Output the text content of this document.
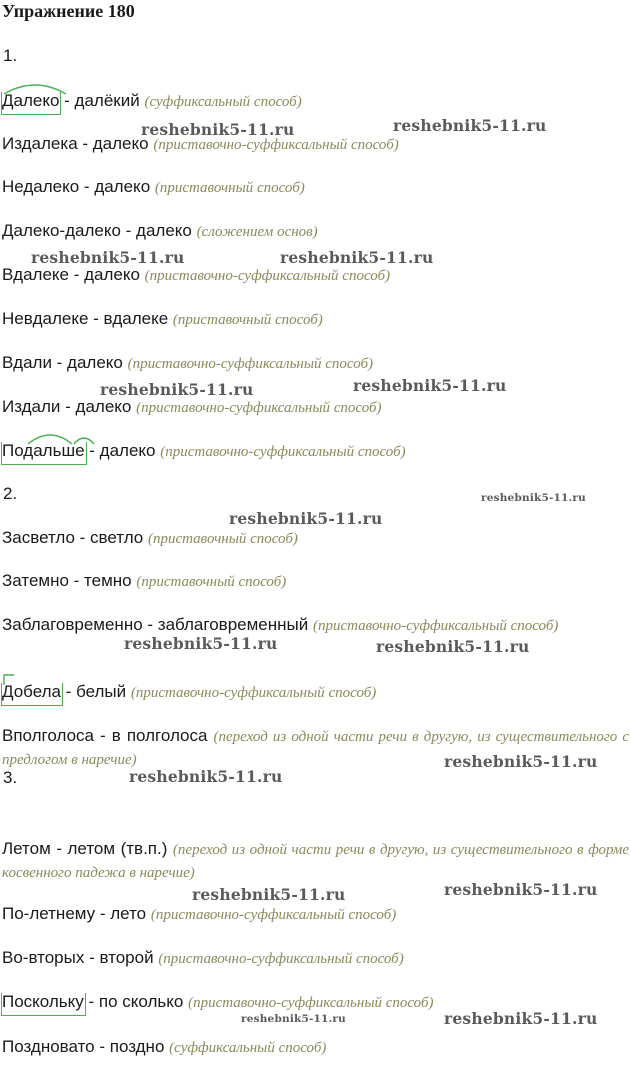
Упражнение 180
1.
Далеко
- далёкий (суффиксальный способ)
Издалека - далеко (приставочно-суффиксальный способ)
Недалеко - далеко (приставочный способ)
Далеко-далеко - далеко (сложением основ)
Вдалеке - далеко (приставочно-суффиксальный способ)
Невдалеке - вдалеке (приставочный способ)
Вдали - далеко (приставочно-суффиксальный способ)
Издали - далеко (приставочно-суффиксальный способ)
Подальше
- далеко (приставочно-суффиксальный способ)
2.
Засветло - светло (приставочный способ)
Затемно - темно (приставочный способ)
Заблаговременно - заблаговременный (приставочно-суффиксальный способ)
Добела
- белый (приставочно-суффиксальный способ)
Вполголоса - в полголоса (переход из одной части речи в другую, из существительного с предлогом в наречие)
3.
Летом - летом (тв.п.) (переход из одной части речи в другую, из существительного в форме косвенного падежа в наречие)
По-летнему - лето (приставочно-суффиксальный способ)
Во-вторых - второй (приставочно-суффиксальный способ)
Поскольку
- по сколько (приставочно-суффиксальный способ)
Поздновато - поздно (суффиксальный способ)
reshebnik5-11.ru	reshebnik5-11.ru
reshebnik5-11.ru	reshebnik5-11.ru
reshebnik5-11.ru	reshebnik5-11.ru
reshebnik5-11.ru
reshebnik5-11.ru
reshebnik5-11.ru	reshebnik5-11.ru
reshebnik5-11.ru
reshebnik5-11.ru
reshebnik5-11.ru	reshebnik5-11.ru
reshebnik5-11.ru	reshebnik5-11.ru
